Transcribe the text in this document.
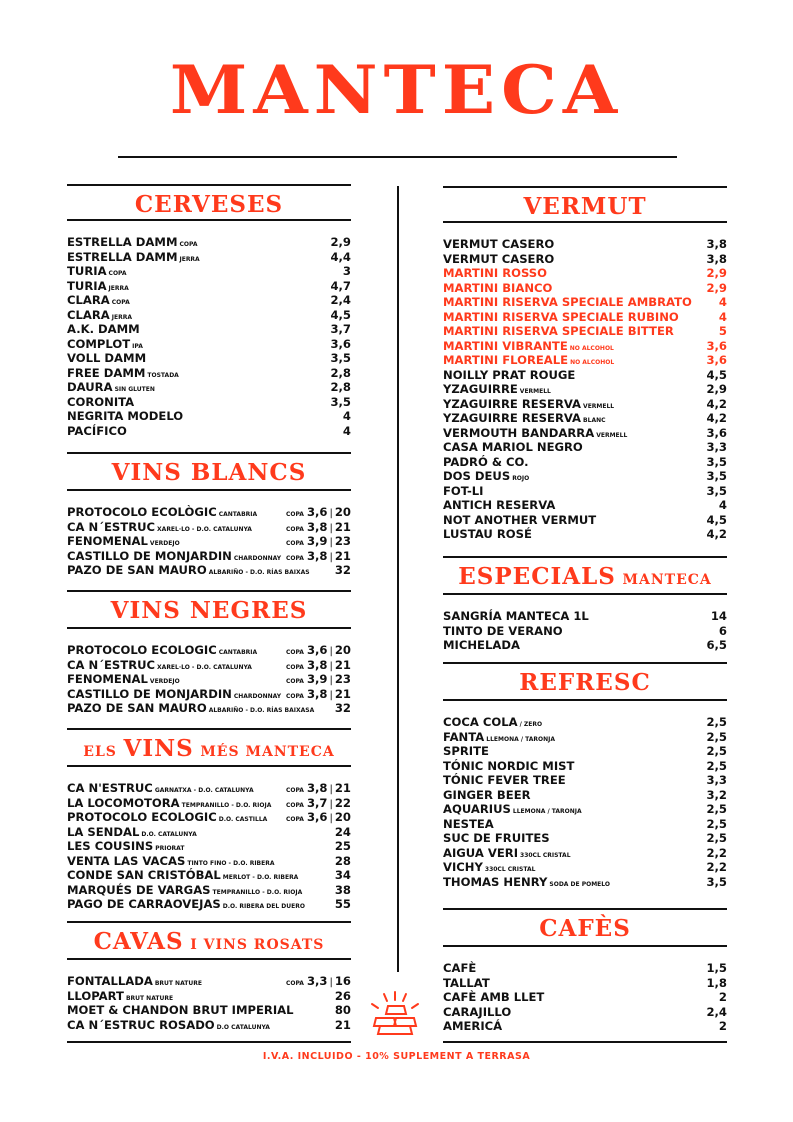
MANTECA
CERVESES
ESTRELLA DAMM COPA	2,9
ESTRELLA DAMM JERRA	4,4
TURIA COPA	3
TURIA JERRA	4,7
CLARA COPA	2,4
CLARA JERRA	4,5
A.K. DAMM	3,7
COMPLOT IPA	3,6
VOLL DAMM	3,5
FREE DAMM TOSTADA	2,8
DAURA SIN GLUTEN	2,8
CORONITA	3,5
NEGRITA MODELO	4
PACÍFICO	4
VINS BLANCS
PROTOCOLO ECOLÒGIC CANTABRIA	COPA 3,6 | 20
CA N´ESTRUC XAREL·LO - D.O. CATALUNYA	COPA 3,8 | 21
FENOMENAL VERDEJO	COPA 3,9 | 23
CASTILLO DE MONJARDIN CHARDONNAY COPA 3,8 | 21
PAZO DE SAN MAURO ALBARIÑO - D.O. RÍAS BAIXAS 32
VINS NEGRES
PROTOCOLO ECOLOGIC CANTABRIA	COPA 3,6 | 20
CA N´ESTRUC XAREL·LO - D.O. CATALUNYA	COPA 3,8 | 21
FENOMENAL VERDEJO	COPA 3,9 | 23
CASTILLO DE MONJARDIN CHARDONNAY COPA 3,8 | 21
PAZO DE SAN MAURO ALBARIÑO - D.O. RÍAS BAIXASA 32
ELS VINS MÉS MANTECA
CA N'ESTRUC GARNATXA - D.O. CATALUNYA	COPA 3,8 | 21
LA LOCOMOTORA TEMPRANILLO - D.O. RIOJA COPA 3,7 | 22
PROTOCOLO ECOLOGIC D.O. CASTILLA	COPA 3,6 | 20
LA SENDAL D.O. CATALUNYA	24
LES COUSINS PRIORAT	25
VENTA LAS VACAS TINTO FINO - D.O. RIBERA	28
CONDE SAN CRISTÓBAL MERLOT - D.O. RIBERA	34
MARQUÉS DE VARGAS TEMPRANILLO - D.O. RIOJA	38
PAGO DE CARRAOVEJAS D.O. RIBERA DEL DUERO	55
CAVAS I VINS ROSATS
FONTALLADA BRUT NATURE	COPA 3,3 | 16
LLOPART BRUT NATURE	26
MOET & CHANDON BRUT IMPERIAL	80
CA N´ESTRUC ROSADO D.O CATALUNYA	21
VERMUT
VERMUT CASERO	3,8
VERMUT CASERO	3,8
MARTINI ROSSO	2,9
MARTINI BIANCO	2,9
MARTINI RISERVA SPECIALE AMBRATO 4
MARTINI RISERVA SPECIALE RUBINO	4
MARTINI RISERVA SPECIALE BITTER	5
MARTINI VIBRANTE NO ALCOHOL	3,6
MARTINI FLOREALE NO ALCOHOL	3,6
NOILLY PRAT ROUGE	4,5
YZAGUIRRE VERMELL	2,9
YZAGUIRRE RESERVA VERMELL	4,2
YZAGUIRRE RESERVA BLANC	4,2
VERMOUTH BANDARRA VERMELL	3,6
CASA MARIOL NEGRO	3,3
PADRÓ & CO.	3,5
DOS DEUS ROJO	3,5
FOT-LI	3,5
ANTICH RESERVA	4
NOT ANOTHER VERMUT	4,5
LUSTAU ROSÉ	4,2
ESPECIALS MANTECA
SANGRÍA MANTECA 1L	14
TINTO DE VERANO	6
MICHELADA	6,5
REFRESC
COCA COLA / ZERO	2,5
FANTA LLEMONA / TARONJA	2,5
SPRITE	2,5
TÓNIC NORDIC MIST	2,5
TÓNIC FEVER TREE	3,3
GINGER BEER	3,2
AQUARIUS LLEMONA / TARONJA	2,5
NESTEA	2,5
SUC DE FRUITES	2,5
AIGUA VERI 330CL CRISTAL	2,2
VICHY 330CL CRISTAL	2,2
THOMAS HENRY SODA DE POMELO	3,5
CAFÈS
CAFÈ	1,5
TALLAT	1,8
CAFÈ AMB LLET	2
CARAJILLO	2,4
AMERICÁ	2
I.V.A. INCLUIDO - 10% SUPLEMENT A TERRASA
